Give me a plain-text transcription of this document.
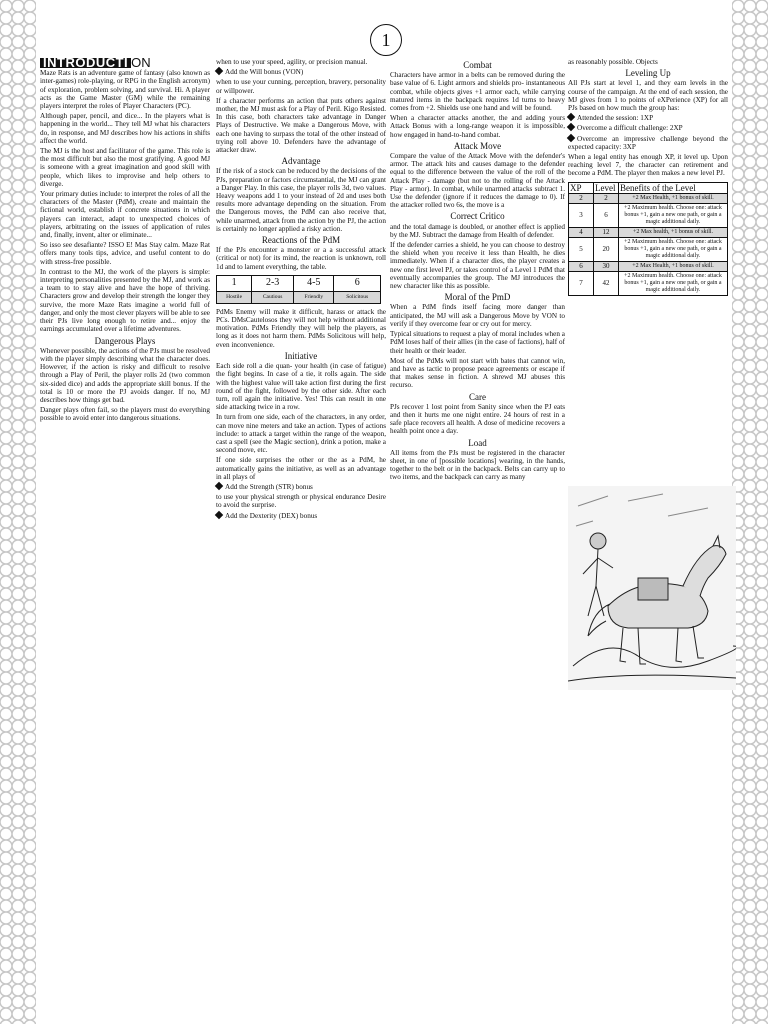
1
INTRODUCTI ON

Maze Rats is an adventure game of fantasy (also known as inter-games) role-playing, or RPG in the English acronym) of exploration, problem solving, and survival. Hi. A player acts as the Game Master (GM) while the remaining players interpret the roles of Player Characters (PC).

Although paper, pencil, and dice... In the players what is happening in the world... They tell MJ what his characters do, in response, and MJ describes how his actions in shifts affect the world.

The MJ is the host and facilitator of the game. This role is the most difficult but also the most gratifying. A good MJ is someone with a great imagination and good skill with people, which likes to improvise and help others to diverge.

Your primary duties include: to interpret the roles of all the characters of the Master (PdM), create and maintain the fictional world, establish if concrete situations in which players can interact, adapt to unexpected choices of players, arbitrating on the issues of application of rules and, finally, invent, alter or eliminate...

So isso see desafiante? ISSO E! Mas Stay calm. Maze Rat offers many tools tips, advice, and useful content to do with stress-free possible.

In contrast to the MJ, the work of the players is simple: interpreting personalities presented by the MJ, and work as a team to to stay alive and have the hope of thriving. Characters grow and develop their strength the longer they survive, the more Maze Rats imagine a world full of danger, and only the most clever players will be able to see their PJs live long enough to retire and... enjoy the earnings accumulated over a lifetime adventures.

Dangerous Plays

Whenever possible, the actions of the PJs must be resolved with the player simply describing what the character does. However, if the action is risky and difficult to resolve through a Play of Peril, the player rolls 2d (two common six-sided dice) and adds the appropriate skill bonus. If the total is 10 or more the PJ avoids danger. If no, MJ describes how things get bad.

Danger plays often fail, so the players must do everything possible to avoid enter into dangerous situations.

when to use your speed, agility, or precision manual.

Add the Will bonus (VON)

when to use your cunning, perception, bravery, personality or willpower.

If a character performs an action that puts others against mother, the MJ must ask for a Play of Peril. Kigo Resisted. In this case, both characters take advantage in Danger Plays of Destructive. We make a Dangerous Move, with each one having to surpass the total of the other instead of trying roll above 10. Defenders have the advantage of attacker draw.

Advantage

If the risk of a stock can be reduced by the decisions of the PJs, preparation or factors circumstantial, the MJ can grant a Danger Play. In this case, the player rolls 3d, two values. Heavy weapons add 1 to your instead of 2d and uses both results more advantage depending on the situation. From the Dangerous moves, the PdM can also receive that, while unarmed, attack from the action by the PJ, the action is certainly no longer applied a risky action.

Reactions of the PdM

If the PJs encounter a monster or a a successful attack (critical or not) for its mind, the reaction is unknown, roll 1d and to lament everything, the table.

1	2-3	4-5	6
Hostile	Cautious	Friendly	Solicitous

PdMs Enemy will make it difficult, harass or attack the PCs. DMsCautelosos they will not help without additional motivation. PdMs Friendly they will help the players, as long as it does not harm them. PdMs Solicitous will help, even inconvenience.

Initiative

Each side roll a die quan- your health (in case of fatigue) the fight begins. In case of a tie, it rolls again. The side with the highest value will take action first during the first round of the fight, followed by the other side. After each turn, roll again the initiative. Yes! This can result in one side attacking twice in a row.

In turn from one side, each of the characters, in any order, can move nine meters and take an action. Types of actions include: to attack a target within the range of the weapon, cast a spell (see the Magic section), drink a potion, make a second move, etc.

If one side surprises the other or the as a PdM, he automatically gains the initiative, as well as an advantage in all plays of

Add the Strength (STR) bonus

to use your physical strength or physical endurance Desire to avoid the surprise.

Add the Dexterity (DEX) bonus

Combat

Characters have armor in a belts can be removed during the base value of 6. Light armors and shields pro- instantaneous combat, while objects gives +1 armor each, while carrying matured items in the backpack requires 1d turns to heavy comes from +2. Shields use one hand and will be found.

When a character attacks another, the and adding yours Attack Bonus with a long-range weapon it is impossible, how engaged in hand-to-hand combat.

Attack Move

Compare the value of the Attack Move with the defender's armor. The attack hits and causes damage to the defender equal to the difference between the value of the roll of the Attack Play - damage (but not to the rolling of the Attack Play - armor). In combat, while unarmed attacks subtract 1. Use the defender (ignore if it reduces the damage to 0). If the attacker rolled two 6s, the move is a

Correct Critico

and the total damage is doubled, or another effect is applied by the MJ. Subtract the damage from Health of defender.

If the defender carries a shield, he you can choose to destroy the shield when you receive it less than Health, he dies immediately. When if a character dies, the player creates a new one first level PJ, or takes control of a Level 1 PdM that eventually accompanies the group. The MJ introduces the new character like this as possible.

Moral of the PmD

When a PdM finds itself facing more danger than anticipated, the MJ will ask a Dangerous Move by VON to verify if they overcome fear or cry out for mercy.

Typical situations to request a play of moral includes when a PdM loses half of their allies (in the case of factions), half of their health or their leader.

Most of the PdMs will not start with bates that cannot win, and have as tactic to propose peace agreements or escape if that makes sense in fiction. A shrewd MJ abuses this recurso.

Care

PJs recover 1 lost point from Sanity since when the PJ eats and then it hurts me one night entire. 24 hours of rest in a safe place recovers all health. A dose of medicine recovers a health point once a day.

Load

All items from the PJs must be registered in the character sheet, in one of [possible locations] wearing, in the hands, together to the belt or in the backpack. Belts can carry up to two items, and the backpack can carry as many

as reasonably possible. Objects

Leveling Up

All PJs start at level 1, and they earn levels in the course of the campaign. At the end of each session, the MJ gives from 1 to points of eXPerience (XP) for all PJs based on how much the group has:

Attended the session: 1XP

Overcome a difficult challenge: 2XP

Overcome an impressive challenge beyond the expected capacity: 3XP

When a legal entity has enough XP, it level up. Upon reaching level 7, the character can retirement and become a PdM. The player then makes a new level PJ.

XP	Level	Benefits of the Level
2	2	+2 Max Health, +1 bonus of skill.
3	6	+2 Maximum health. Choose one: attack bonus +1, gain a new one path, or gain a magic additional daily.
4	12	+2 Max health, +1 bonus of skill.
5	20	+2 Maximum health. Choose one: attack bonus +1, gain a new one path, or gain a magic additional daily.
6	30	+2 Max Health, +1 bonus of skill.
7	42	+2 Maximum health. Choose one: attack bonus +1, gain a new one path, or gain a magic additional daily.
